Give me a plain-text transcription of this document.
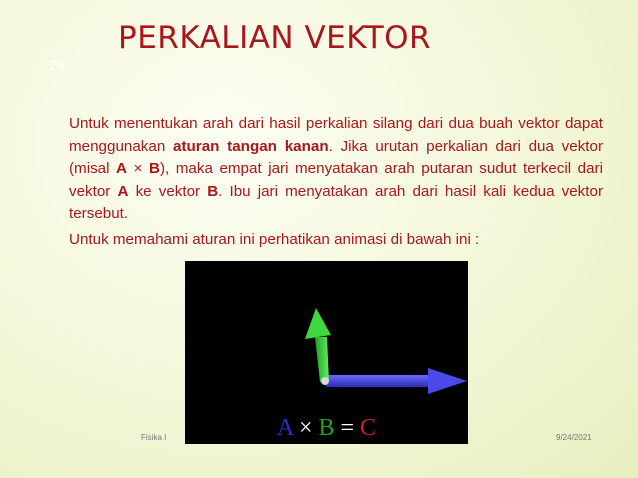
24
PERKALIAN VEKTOR

Untuk menentukan arah dari hasil perkalian silang dari dua buah vektor dapat menggunakan aturan tangan kanan. Jika urutan perkalian dari dua vektor (misal A × B), maka empat jari menyatakan arah putaran sudut terkecil dari vektor A ke vektor B. Ibu jari menyatakan arah dari hasil kali kedua vektor tersebut.

Untuk memahami aturan ini perhatikan animasi di bawah ini :

A × B = C
Fisika I	9/24/2021
